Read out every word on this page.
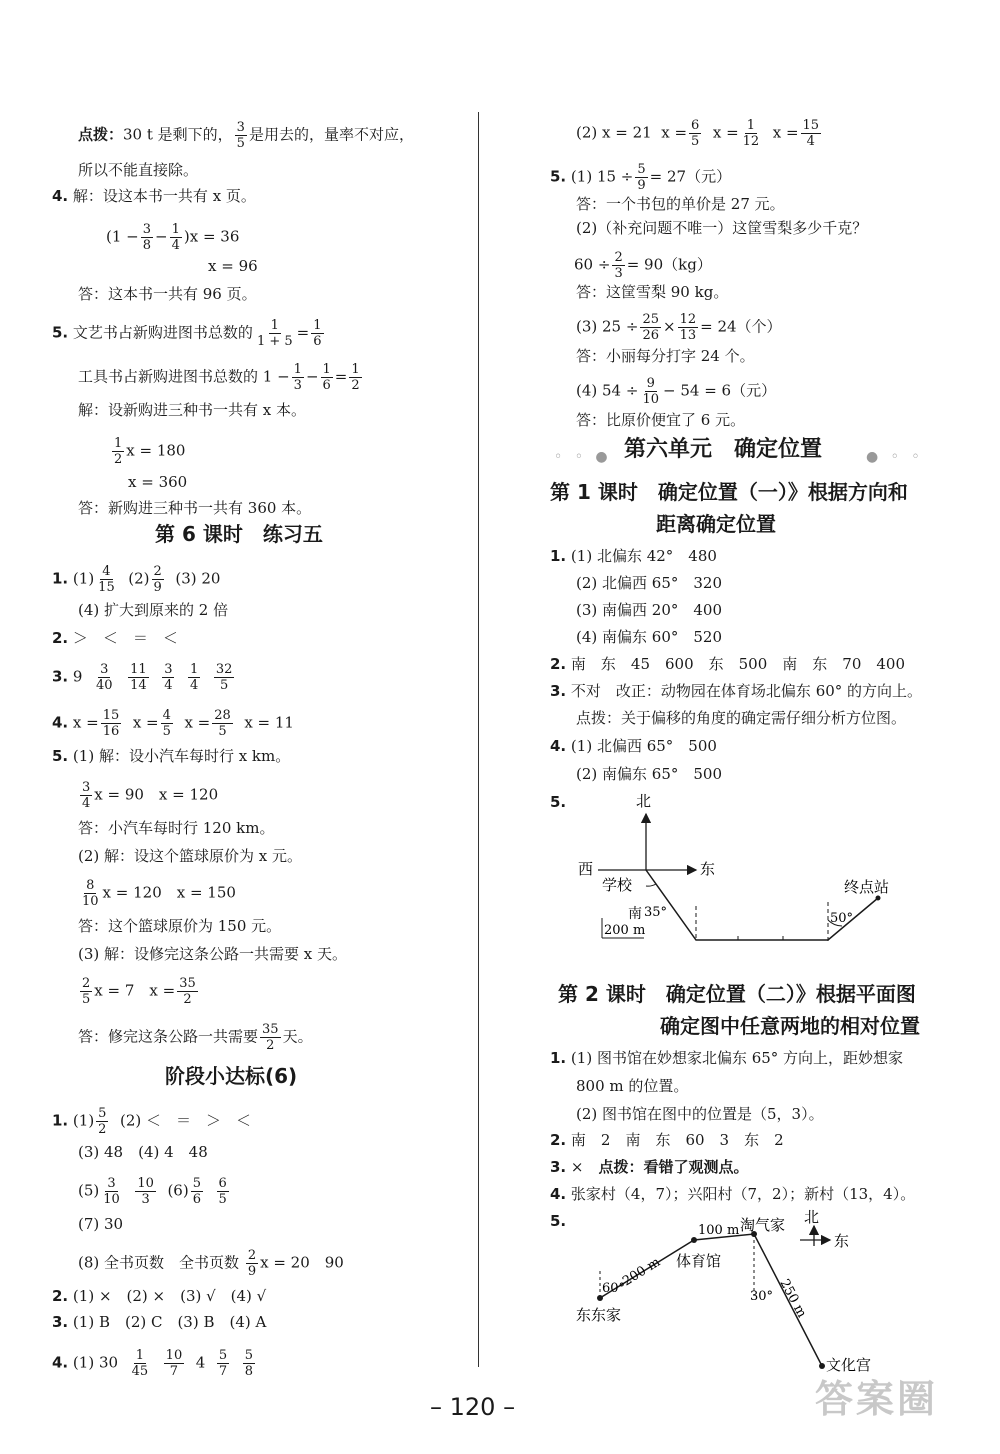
点拨：30 t 是剩下的， $\frac{3}{5}$ 是用去的，量率不对应，
所以不能直接除。
4. 解：设这本书一共有 x 页。
$(1 - \frac{3}{8} - \frac{1}{4} )x = 36$
x = 96
答：这本书一共有 96 页。
5. 文艺书占新购进图书总数的 $\frac{1}{1 + 5} = \frac{1}{6}$
工具书占新购进图书总数的 $1 - \frac{1}{3} - \frac{1}{6} = \frac{1}{2}$
解：设新购进三种书一共有 x 本。
$\frac{1}{2}$ x = 180
x = 360
答：新购进三种书一共有 360 本。
第 6 课时　练习五
1. $(1) \frac{4}{15} (2) \frac{2}{9} (3)$ 20
(4) 扩大到原来的 2 倍
2. ＞　＜　＝　＜
3. $9 \frac{3}{40}$
$\frac{11}{14}$
$\frac{3}{4}$
$\frac{1}{4}$
$\frac{32}{5}$
4. $x = \frac{15}{16}$ $x = \frac{4}{5}$ $x = \frac{28}{5}$ x = 11
5. (1) 解：设小汽车每时行 x km。
$\frac{3}{4}$ x = 90　x = 120
答：小汽车每时行 120 km。
(2) 解：设这个篮球原价为 x 元。
$\frac{8}{10}$ x = 120　x = 150
答：这个篮球原价为 150 元。
(3) 解：设修完这条公路一共需要 x 天。
$\frac{2}{5}$ x = 7　$x = \frac{35}{2}$
答：修完这条公路一共需要 $\frac{35}{2}$ 天。
阶段小达标(6)
1. $(1) \frac{5}{2} (2)$ ＜　＝　＞　＜
(3) 48　(4) 4　48
$(5) \frac{3}{10}$
$\frac{10}{3} (6) \frac{5}{6}$
$\frac{6}{5}$
(7) 30
(8) 全书页数　全书页数 $\frac{2}{9}$ x = 20　90
2. (1) ×　(2) ×　(3) √　(4) √
3. (1) B　(2) C　(3) B　(4) A
4. (1) $30 \frac{1}{45}$
$\frac{10}{7} 4 \frac{5}{7}$
$\frac{5}{8}$
(2) x = 21 $x = \frac{6}{5}$ $x = \frac{1}{12}$ $x = \frac{15}{4}$
5. (1) $15 \div \frac{5}{9} = 27$（元）
答：一个书包的单价是 27 元。
(2)（补充问题不唯一）这筐雪梨多少千克？
$60 \div \frac{2}{3} = 90(kg)$
答：这筐雪梨 90 kg。
(3) $25 \div \frac{25}{26} \times \frac{12}{13} = 24$（个）
答：小丽每分打字 24 个。
(4) $54 \div \frac{9}{10} - 54 = 6$（元）
答：比原价便宜了 6 元。
◦ ◦ ● 第六单元　确定位置	● ◦ ◦
第 1 课时　确定位置（一）》根据方向和
距离确定位置
1. (1) 北偏东 42°　480
(2) 北偏西 65°　320
(3) 南偏西 20°　400
(4) 南偏东 60°　520
2. 南　东　45　600　东　500　南　东　70　400
3. 不对　改正：动物园在体育场北偏东 60° 的方向上。
点拨：关于偏移的角度的确定需仔细分析方位图。
4. (1) 北偏西 65°　500
(2) 南偏东 65°　500
5.	北
西	东
学校
南 35°
200 m
50°
终点站
第 2 课时　确定位置（二）》根据平面图
确定图中任意两地的相对位置
1. (1) 图书馆在妙想家北偏东 65° 方向上，距妙想家
800 m 的位置。
(2) 图书馆在图中的位置是（5，3）。
2. 南　2　南　东　60　3　东　2
3. ×　点拨：看错了观测点。
4. 张家村（4，7）；兴阳村（7，2）；新村（13，4）。
5.	北
东
100 m 淘气家
200 m 体育馆
60°
30° 250 m
东东家
文化宫
– 120 –	答案圈
